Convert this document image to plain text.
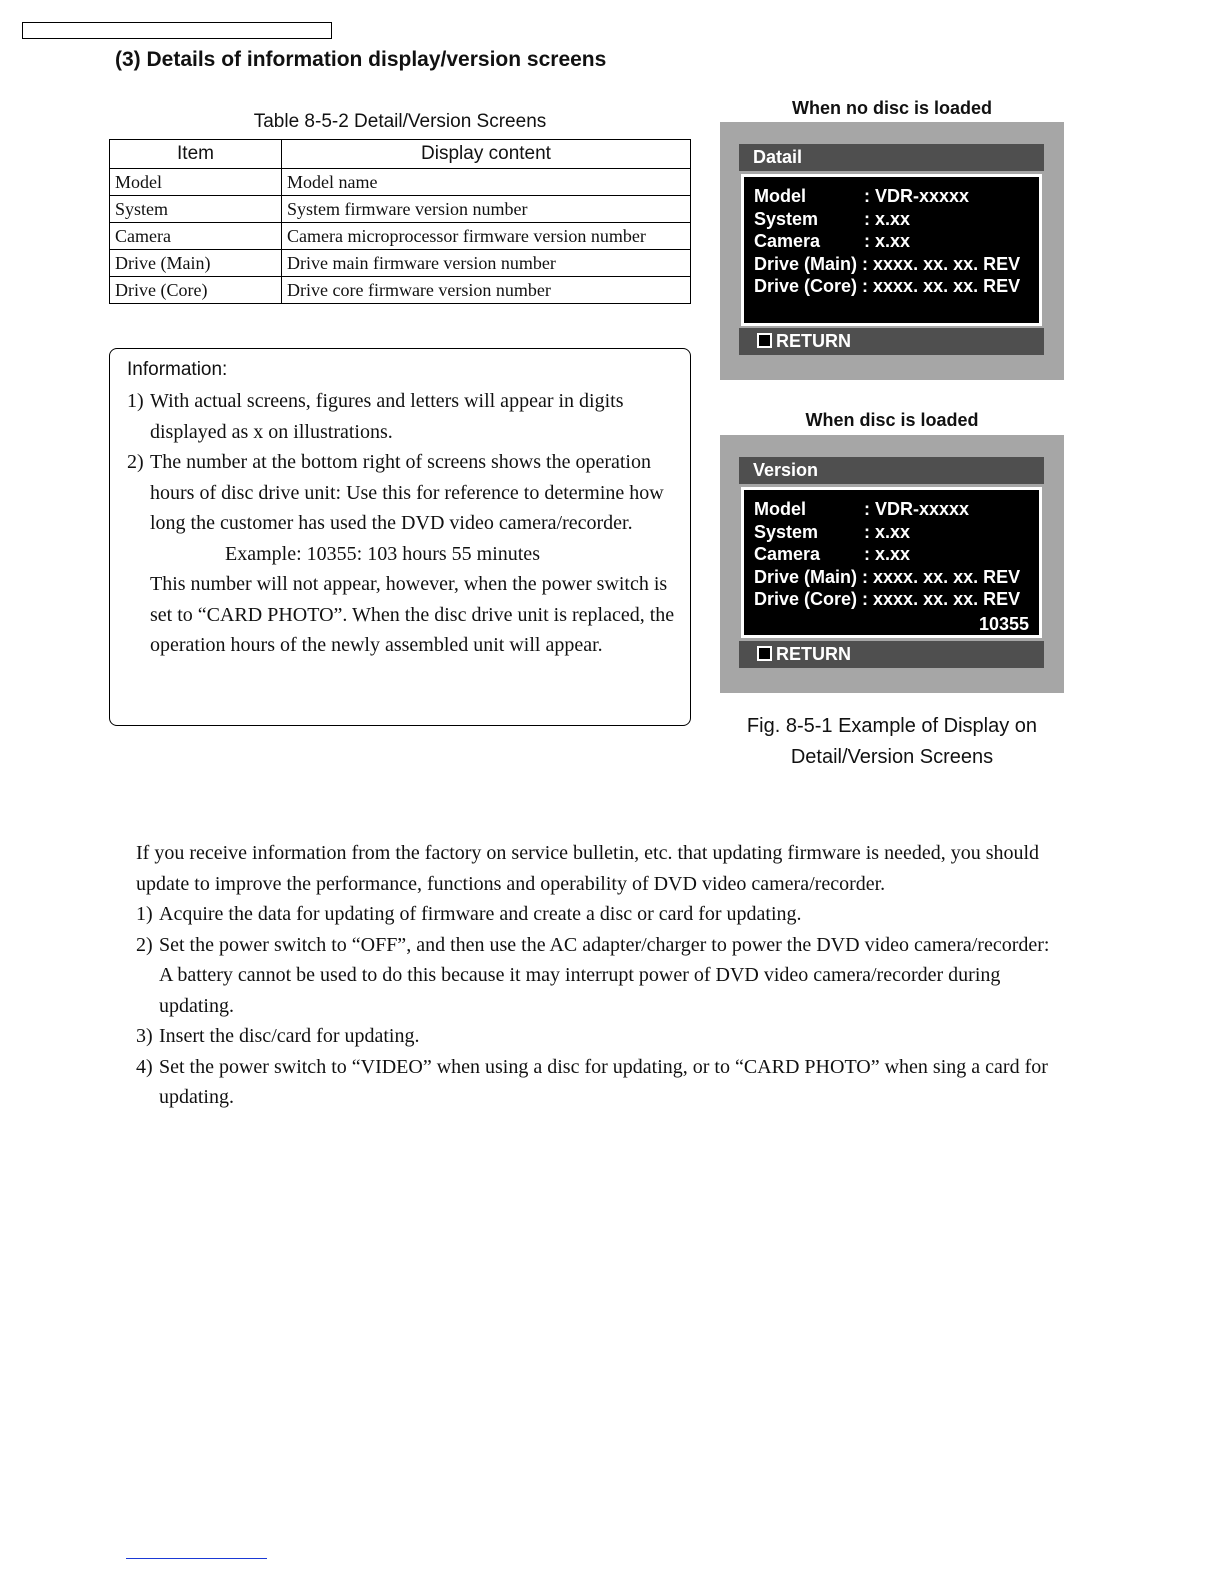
(3) Details of information display/version screens
Table 8-5-2 Detail/Version Screens
Item	Display content
Model	Model name
System	System firmware version number
Camera	Camera microprocessor firmware version number
Drive (Main)	Drive main firmware version number
Drive (Core)	Drive core firmware version number
Information:
1) With actual screens, figures and letters will appear in digits displayed as x on illustrations.
2) The number at the bottom right of screens shows the operation hours of disc drive unit: Use this for reference to determine how long the customer has used the DVD video camera/recorder.
Example: 10355: 103 hours 55 minutes
This number will not appear, however, when the power switch is set to “CARD PHOTO”. When the disc drive unit is replaced, the operation hours of the newly assembled unit will appear.
When no disc is loaded
Datail
Model	: VDR-xxxxx
System	: x.xx
Camera : x.xx
Drive (Main) : xxxx. xx. xx. REV
Drive (Core) : xxxx. xx. xx. REV
RETURN
When disc is loaded
Version
Model	: VDR-xxxxx
System	: x.xx
Camera : x.xx
Drive (Main) : xxxx. xx. xx. REV
Drive (Core) : xxxx. xx. xx. REV
10355
RETURN
Fig. 8-5-1 Example of Display on
Detail/Version Screens
If you receive information from the factory on service bulletin, etc. that updating firmware is needed, you should update to improve the performance, functions and operability of DVD video camera/recorder.
1) Acquire the data for updating of firmware and create a disc or card for updating.
2) Set the power switch to “OFF”, and then use the AC adapter/charger to power the DVD video camera/recorder: A battery cannot be used to do this because it may interrupt power of DVD video camera/recorder during updating.
3) Insert the disc/card for updating.
4) Set the power switch to “VIDEO” when using a disc for updating, or to “CARD PHOTO” when sing a card for updating.
